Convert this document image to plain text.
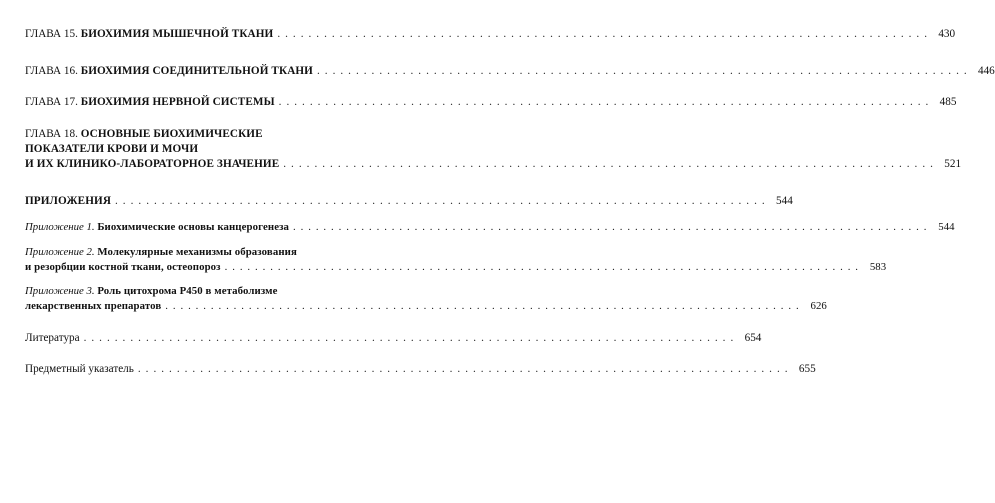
ГЛАВА 15.
БИОХИМИЯ МЫШЕЧНОЙ ТКАНИ . . . . . . . . . . . . . . . . . . . . . . . . . . . . . . . . . . . . . . . . . . . . . . . . . . . . . . . . . . . . . . . . . . . . . . . . . . . . . . . . . . . . 430
ГЛАВА 16.
БИОХИМИЯ СОЕДИНИТЕЛЬНОЙ ТКАНИ . . . . . . . . . . . . . . . . . . . . . . . . . . . . . . . . . . . . . . . . . . . . . . . . . . . . . . . . . . . . . . . . . . . . . . . . . . . . . . . . . . . . 446
ГЛАВА 17.
БИОХИМИЯ НЕРВНОЙ СИСТЕМЫ . . . . . . . . . . . . . . . . . . . . . . . . . . . . . . . . . . . . . . . . . . . . . . . . . . . . . . . . . . . . . . . . . . . . . . . . . . . . . . . . . . . . 485
ГЛАВА 18.
ОСНОВНЫЕ БИОХИМИЧЕСКИЕ
ПОКАЗАТЕЛИ КРОВИ И МОЧИ
И ИХ КЛИНИКО-ЛАБОРАТОРНОЕ ЗНАЧЕНИЕ . . . . . . . . . . . . . . . . . . . . . . . . . . . . . . . . . . . . . . . . . . . . . . . . . . . . . . . . . . . . . . . . . . . . . . . . . . . . . . . . . . . . 521
ПРИЛОЖЕНИЯ . . . . . . . . . . . . . . . . . . . . . . . . . . . . . . . . . . . . . . . . . . . . . . . . . . . . . . . . . . . . . . . . . . . . . . . . . . . . . . . . . . . . 544
Приложение 1.
Биохимические основы канцерогенеза . . . . . . . . . . . . . . . . . . . . . . . . . . . . . . . . . . . . . . . . . . . . . . . . . . . . . . . . . . . . . . . . . . . . . . . . . . . . . . . . . . . . 544
Приложение 2.
Молекулярные механизмы образования
и резорбции костной ткани, остеопороз . . . . . . . . . . . . . . . . . . . . . . . . . . . . . . . . . . . . . . . . . . . . . . . . . . . . . . . . . . . . . . . . . . . . . . . . . . . . . . . . . . . . 583
Приложение 3.
Роль цитохрома Р450 в метаболизме
лекарственных препаратов . . . . . . . . . . . . . . . . . . . . . . . . . . . . . . . . . . . . . . . . . . . . . . . . . . . . . . . . . . . . . . . . . . . . . . . . . . . . . . . . . . . . 626
Литература . . . . . . . . . . . . . . . . . . . . . . . . . . . . . . . . . . . . . . . . . . . . . . . . . . . . . . . . . . . . . . . . . . . . . . . . . . . . . . . . . . . . 654
Предметный указатель . . . . . . . . . . . . . . . . . . . . . . . . . . . . . . . . . . . . . . . . . . . . . . . . . . . . . . . . . . . . . . . . . . . . . . . . . . . . . . . . . . . . 655
